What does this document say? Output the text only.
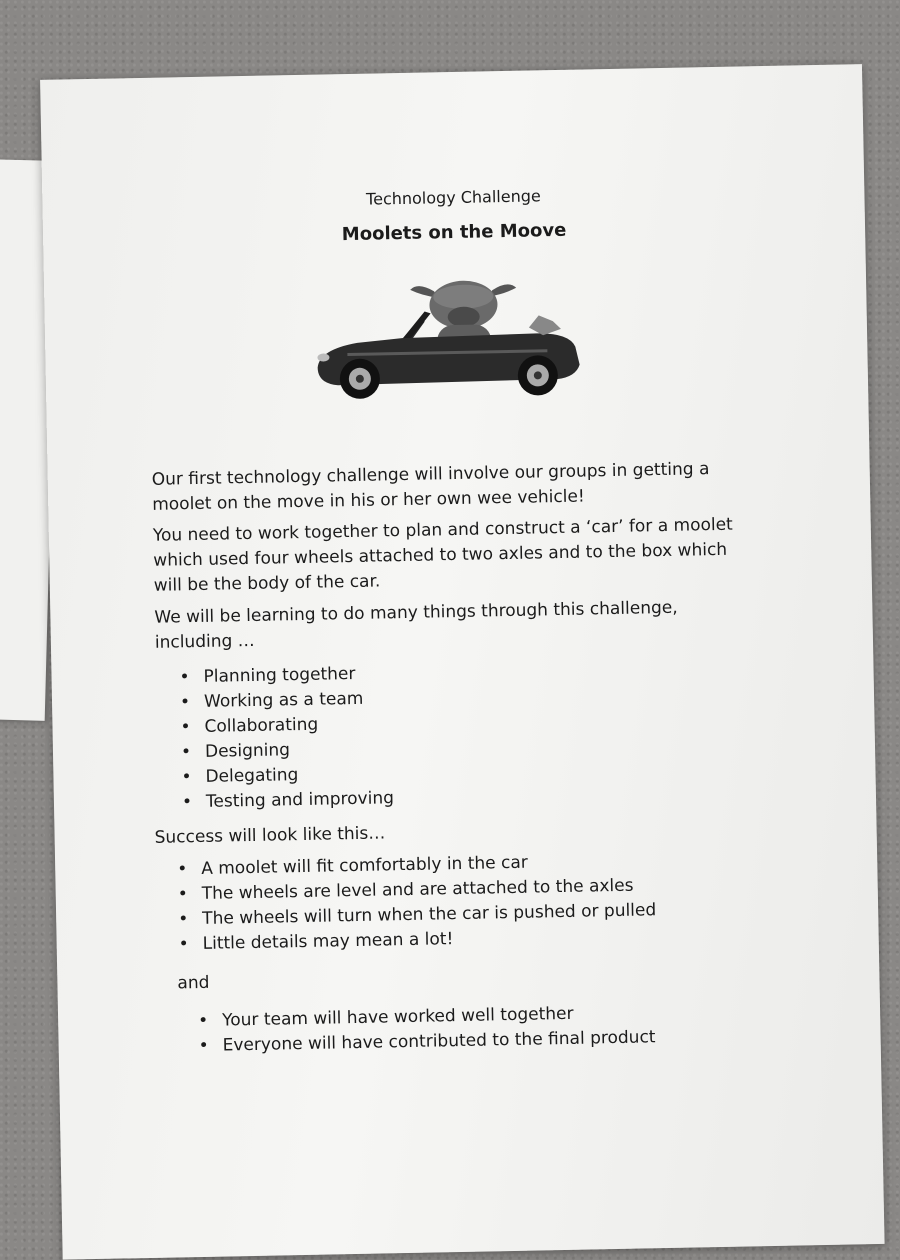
Technology Challenge
Moolets on the Moove

Our first technology challenge will involve our groups in getting a moolet on the move in his or her own wee vehicle!

You need to work together to plan and construct a ‘car’ for a moolet which used four wheels attached to two axles and to the box which will be the body of the car.

We will be learning to do many things through this challenge, including …

• Planning together
• Working as a team
• Collaborating
• Designing
• Delegating
• Testing and improving
Success will look like this…
• A moolet will fit comfortably in the car
• The wheels are level and are attached to the axles
• The wheels will turn when the car is pushed or pulled
• Little details may mean a lot!
and
• Your team will have worked well together
• Everyone will have contributed to the final product
